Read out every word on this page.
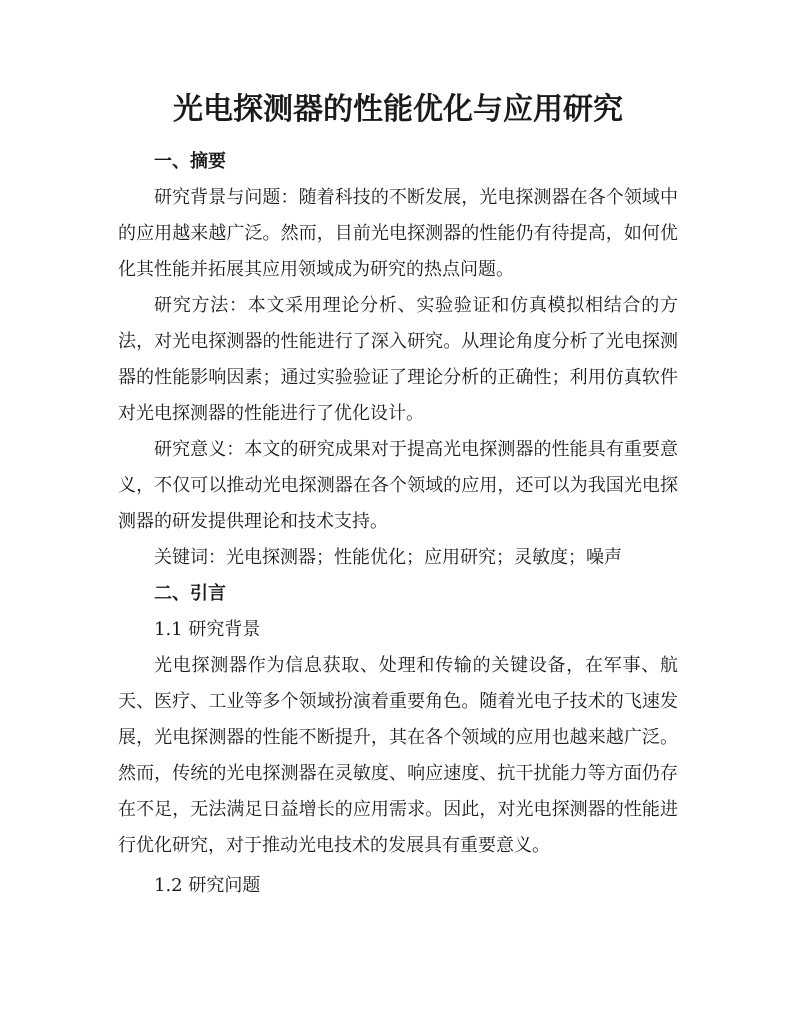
光电探测器的性能优化与应用研究

一、摘要

研究背景与问题：随着科技的不断发展，光电探测器在各个领域中的应用越来越广泛。然而，目前光电探测器的性能仍有待提高，如何优化其性能并拓展其应用领域成为研究的热点问题。

研究方法：本文采用理论分析、实验验证和仿真模拟相结合的方法，对光电探测器的性能进行了深入研究。从理论角度分析了光电探测器的性能影响因素；通过实验验证了理论分析的正确性；利用仿真软件对光电探测器的性能进行了优化设计。

研究意义：本文的研究成果对于提高光电探测器的性能具有重要意义，不仅可以推动光电探测器在各个领域的应用，还可以为我国光电探测器的研发提供理论和技术支持。

关键词：光电探测器；性能优化；应用研究；灵敏度；噪声

二、引言

1.1 研究背景

光电探测器作为信息获取、处理和传输的关键设备，在军事、航天、医疗、工业等多个领域扮演着重要角色。随着光电子技术的飞速发展，光电探测器的性能不断提升，其在各个领域的应用也越来越广泛。然而，传统的光电探测器在灵敏度、响应速度、抗干扰能力等方面仍存在不足，无法满足日益增长的应用需求。因此，对光电探测器的性能进行优化研究，对于推动光电技术的发展具有重要意义。

1.2 研究问题
